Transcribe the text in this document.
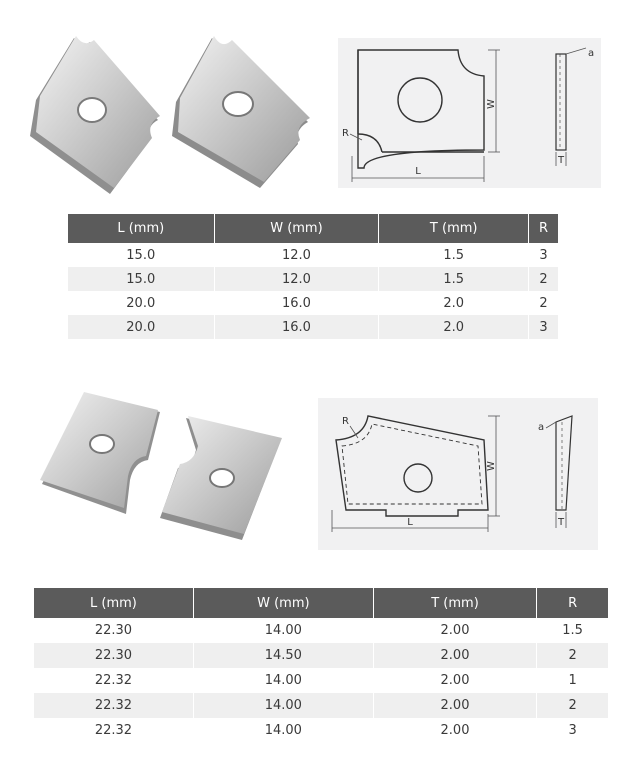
W
L
R
a
T
L (mm)	W (mm)	T (mm)	R
15.0	12.0	1.5	3
15.0	12.0	1.5	2
20.0	16.0	2.0	2
20.0	16.0	2.0	3
R
W
L
a
T
L (mm)	W (mm)	T (mm)	R
22.30	14.00	2.00	1.5
22.30	14.50	2.00	2
22.32	14.00	2.00	1
22.32	14.00	2.00	2
22.32	14.00	2.00	3
